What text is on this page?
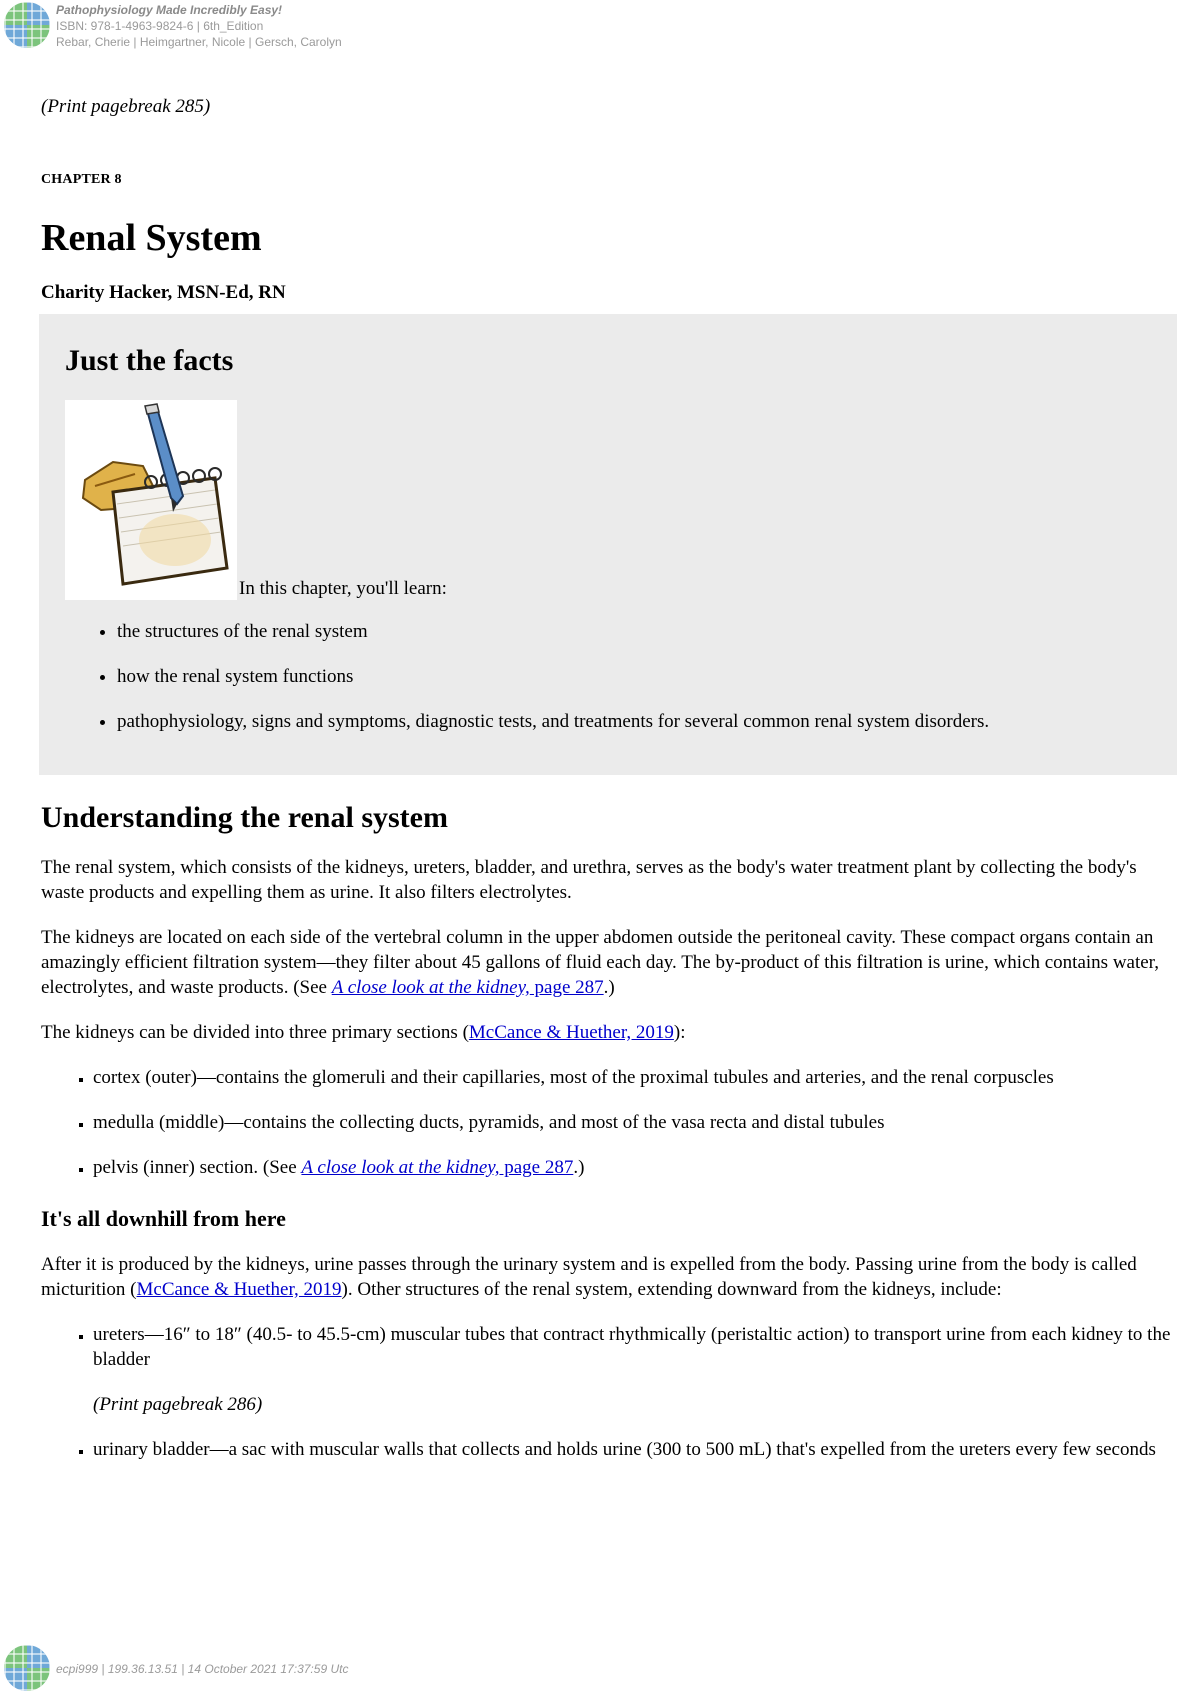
Pathophysiology Made Incredibly Easy!
ISBN: 978-1-4963-9824-6 | 6th_Edition
Rebar, Cherie | Heimgartner, Nicole | Gersch, Carolyn

(Print pagebreak 285)

CHAPTER 8

Renal System

Charity Hacker, MSN-Ed, RN

Just the facts
In this chapter, you'll learn:
• the structures of the renal system
• how the renal system functions
• pathophysiology, signs and symptoms, diagnostic tests, and treatments for several common renal system disorders.
Understanding the renal system

The renal system, which consists of the kidneys, ureters, bladder, and urethra, serves as the body's water treatment plant by collecting the body's waste products and expelling them as urine. It also filters electrolytes.

The kidneys are located on each side of the vertebral column in the upper abdomen outside the peritoneal cavity. These compact organs contain an amazingly efficient filtration system—they filter about 45 gallons of fluid each day. The by-product of this filtration is urine, which contains water, electrolytes, and waste products. (See A close look at the kidney, page 287.)

The kidneys can be divided into three primary sections (McCance & Huether, 2019):

▪ cortex (outer)—contains the glomeruli and their capillaries, most of the proximal tubules and arteries, and the renal corpuscles
▪ medulla (middle)—contains the collecting ducts, pyramids, and most of the vasa recta and distal tubules
▪ pelvis (inner) section. (See A close look at the kidney, page 287.)
It's all downhill from here

After it is produced by the kidneys, urine passes through the urinary system and is expelled from the body. Passing urine from the body is called micturition (McCance & Huether, 2019). Other structures of the renal system, extending downward from the kidneys, include:

▪ ureters—16″ to 18″ (40.5- to 45.5-cm) muscular tubes that contract rhythmically (peristaltic action) to transport urine from each kidney to the bladder
(Print pagebreak 286)
▪ urinary bladder—a sac with muscular walls that collects and holds urine (300 to 500 mL) that's expelled from the ureters every few seconds
ecpi999 | 199.36.13.51 | 14 October 2021 17:37:59 Utc
